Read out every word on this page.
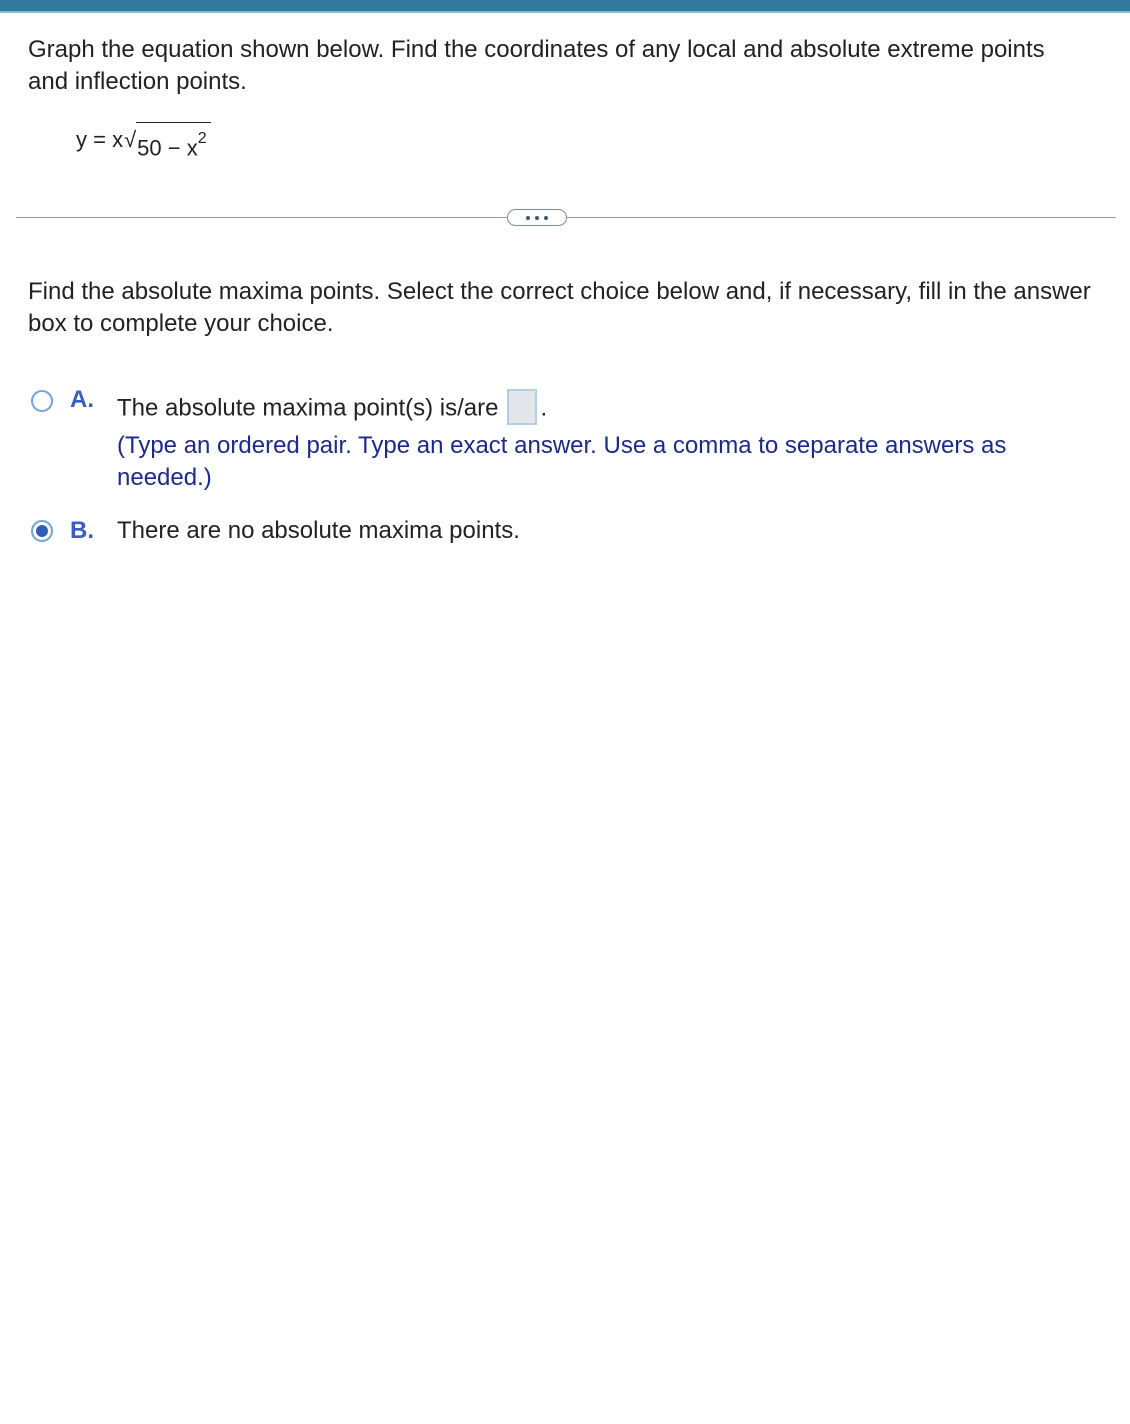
Graph the equation shown below. Find the coordinates of any local and absolute extreme points and inflection points.
$y = x√50 - x^2$
Find the absolute maxima points. Select the correct choice below and, if necessary, fill in the answer box to complete your choice.
A. The absolute maxima point(s) is/are .
(Type an ordered pair. Type an exact answer. Use a comma to separate answers as needed.)
B. There are no absolute maxima points.
